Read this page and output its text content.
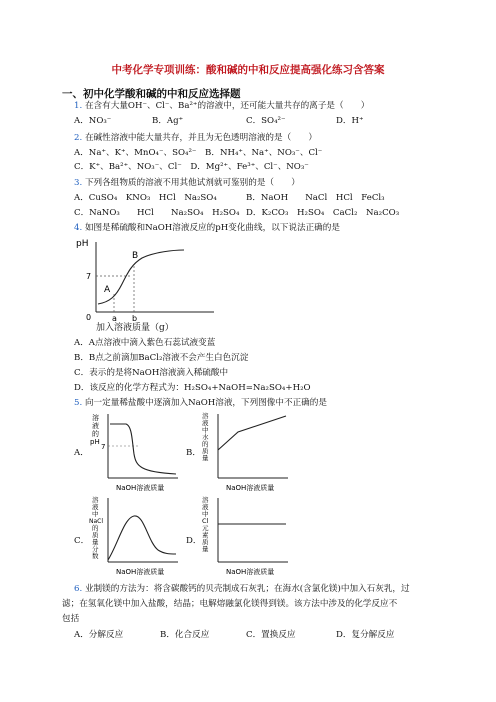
中考化学专项训练：酸和碱的中和反应提高强化练习含答案
一、初中化学酸和碱的中和反应选择题
1. 在含有大量OH⁻、Cl⁻、Ba²⁺的溶液中，还可能大量共存的离子是（　　）
A．NO₃⁻	B．Ag⁺	C．SO₄²⁻	D．H⁺
2. 在碱性溶液中能大量共存，并且为无色透明溶液的是（　　）
A．Na⁺、K⁺、MnO₄⁻、SO₄²⁻　B．NH₄⁺、Na⁺、NO₃⁻、Cl⁻
C．K⁺、Ba²⁺、NO₃⁻、Cl⁻　D．Mg²⁺、Fe³⁺、Cl⁻、NO₃⁻
3. 下列各组物质的溶液不用其他试剂就可鉴别的是（　　）
A．CuSO₄　KNO₃　HCl　Na₂SO₄	B．NaOH　　NaCl　HCl　FeCl₃
C．NaNO₃　　HCl　　Na₂SO₄　H₂SO₄ D．K₂CO₃　H₂SO₄　CaCl₂　Na₂CO₃
4. 如图是稀硫酸和NaOH溶液反应的pH变化曲线，以下说法正确的是
pH
7
0
A
B
a b
加入溶液质量（g）
A．A点溶液中滴入紫色石蕊试液变蓝
B．B点之前滴加BaCl₂溶液不会产生白色沉淀
C．表示的是将NaOH溶液滴入稀硫酸中
D．该反应的化学方程式为：H₂SO₄+NaOH=Na₂SO₄+H₂O
5. 向一定量稀盐酸中逐滴加入NaOH溶液，下列图像中不正确的是
A．
溶
液
的
pH
7
NaOH溶液质量
B．
溶
液
中
水
的
质
量
NaOH溶液质量
C．
溶
液
中
NaCl
的
质
量
分
数
NaOH溶液质量
D．
溶
液
中
Cl
元
素
质
量
NaOH溶液质量
6. 业制镁的方法为：将含碳酸钙的贝壳制成石灰乳；在海水(含氯化镁)中加入石灰乳，过
滤；在氢氧化镁中加入盐酸，结晶；电解熔融氯化镁得到镁。该方法中涉及的化学反应不
包括
A．分解反应	B．化合反应	C．置换反应	D．复分解反应
